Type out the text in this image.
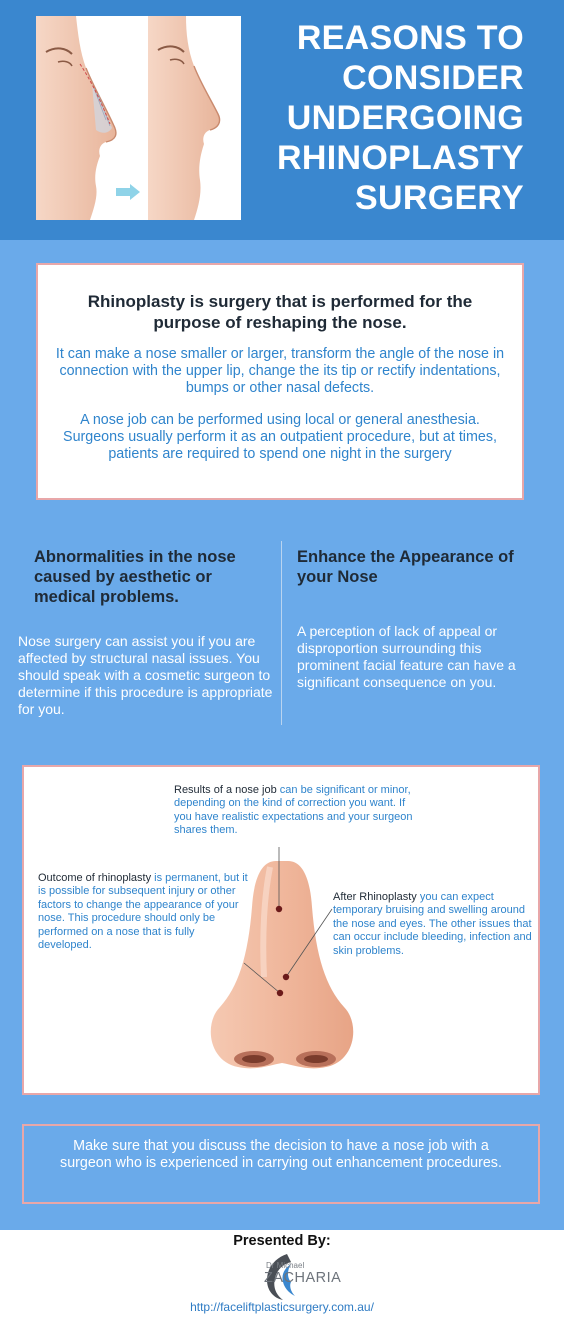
REASONS TO
CONSIDER
UNDERGOING
RHINOPLASTY
SURGERY
Rhinoplasty is surgery that is performed for the purpose of reshaping the nose.
It can make a nose smaller or larger, transform the angle of the nose in connection with the upper lip, change the its tip or rectify indentations, bumps or other nasal defects.
A nose job can be performed using local or general anesthesia. Surgeons usually perform it as an outpatient procedure, but at times, patients are required to spend one night in the surgery
Abnormalities in the nose caused by aesthetic or medical problems.
Nose surgery can assist you if you are affected by structural nasal issues. You should speak with a cosmetic surgeon to determine if this procedure is appropriate for you.
Enhance the Appearance of your Nose
A perception of lack of appeal or disproportion surrounding this prominent facial feature can have a significant consequence on you.
Results of a nose job can be significant or minor, depending on the kind of correction you want. If you have realistic expectations and your surgeon shares them.
Outcome of rhinoplasty is permanent, but it is possible for subsequent injury or other factors to change the appearance of your nose. This procedure should only be performed on a nose that is fully developed.
After Rhinoplasty you can expect temporary bruising and swelling around the nose and eyes. The other issues that can occur include bleeding, infection and skin problems.
Make sure that you discuss the decision to have a nose job with a surgeon who is experienced in carrying out enhancement procedures.
Presented By:
Dr Michael
ZACHARIA
http://faceliftplasticsurgery.com.au/
